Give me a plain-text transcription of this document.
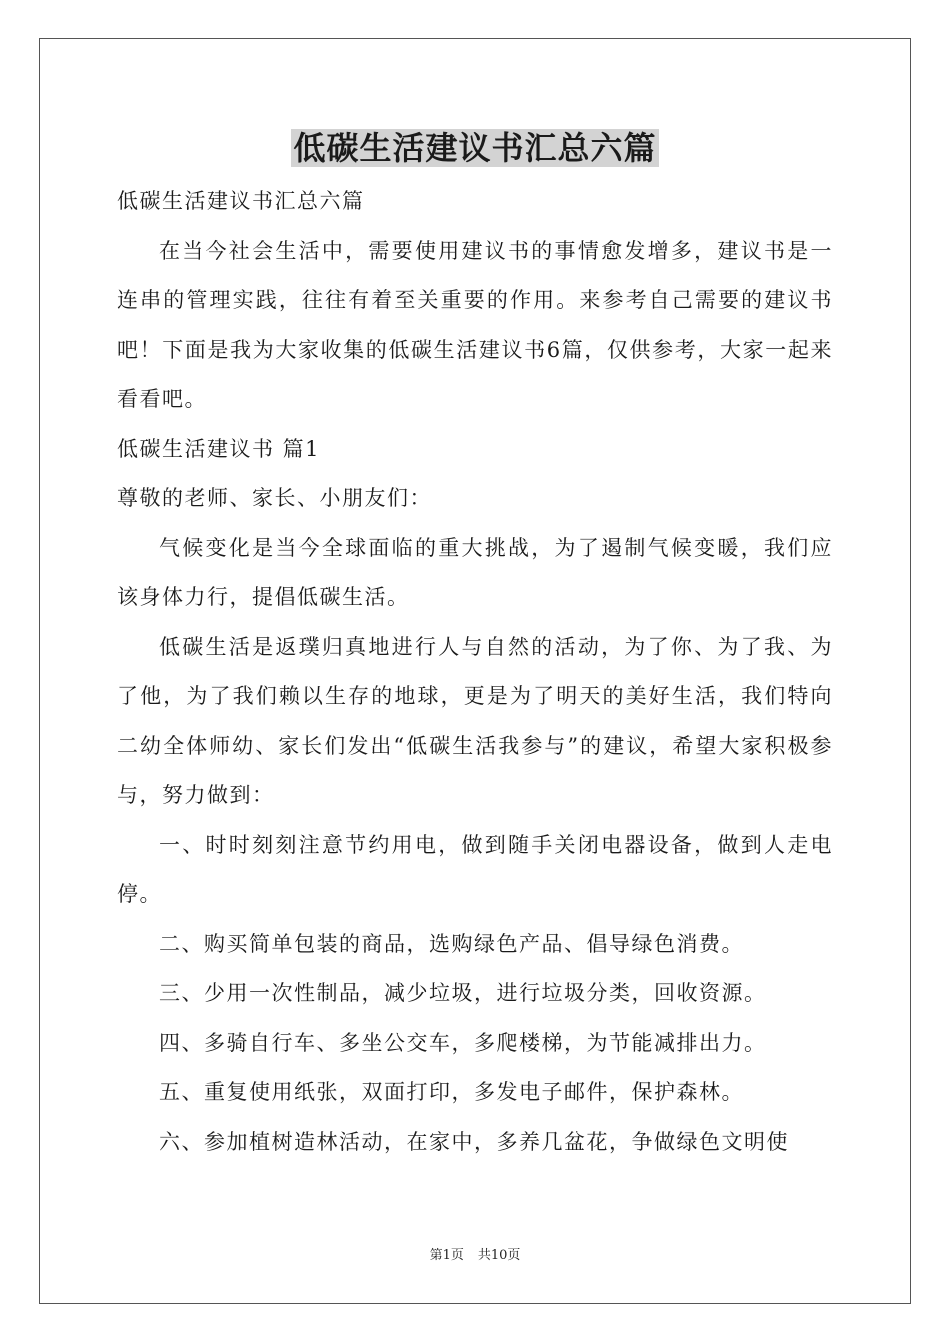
低碳生活建议书汇总六篇

低碳生活建议书汇总六篇

在当今社会生活中，需要使用建议书的事情愈发增多，建议书是一连串的管理实践，往往有着至关重要的作用。来参考自己需要的建议书吧！下面是我为大家收集的低碳生活建议书6篇，仅供参考，大家一起来看看吧。

低碳生活建议书 篇1

尊敬的老师、家长、小朋友们：

气候变化是当今全球面临的重大挑战，为了遏制气候变暖，我们应该身体力行，提倡低碳生活。

低碳生活是返璞归真地进行人与自然的活动，为了你、为了我、为了他，为了我们赖以生存的地球，更是为了明天的美好生活，我们特向二幼全体师幼、家长们发出“低碳生活我参与”的建议，希望大家积极参与，努力做到：

一、时时刻刻注意节约用电，做到随手关闭电器设备，做到人走电停。

二、购买简单包装的商品，选购绿色产品、倡导绿色消费。

三、少用一次性制品，减少垃圾，进行垃圾分类，回收资源。

四、多骑自行车、多坐公交车，多爬楼梯，为节能减排出力。

五、重复使用纸张，双面打印，多发电子邮件，保护森林。

六、参加植树造林活动，在家中，多养几盆花，争做绿色文明使

第1页 共10页
